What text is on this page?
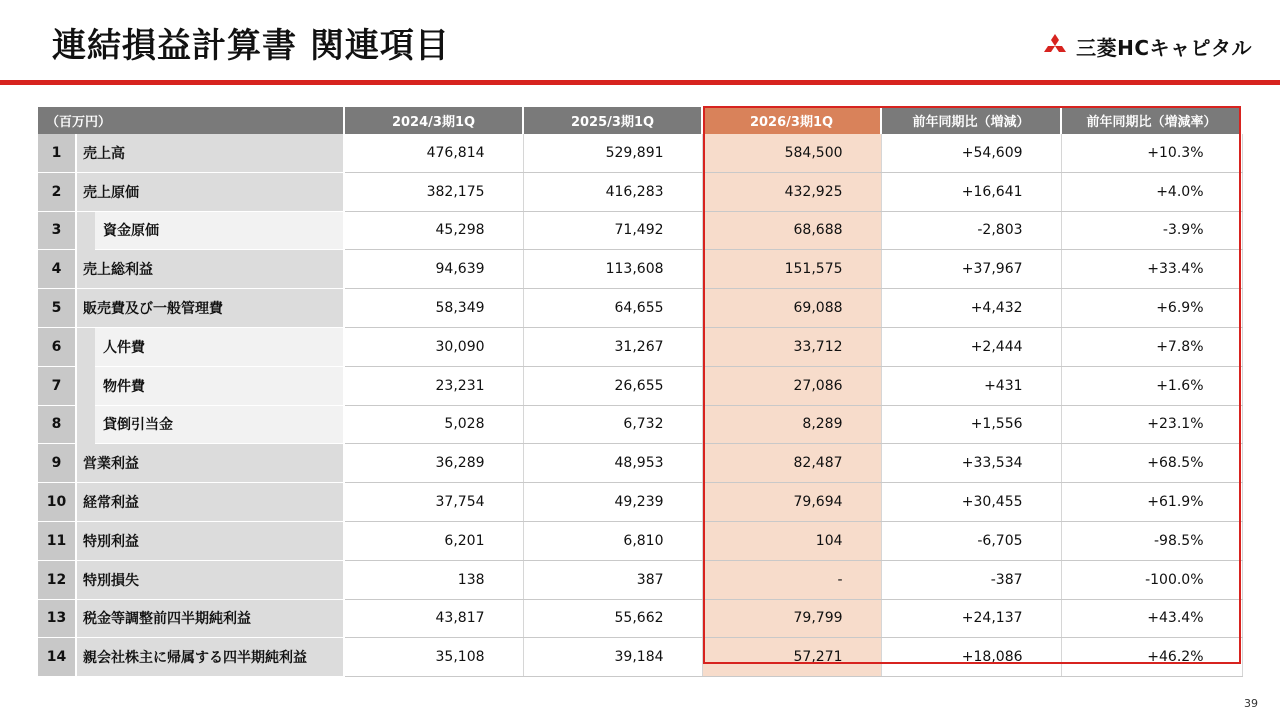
連結損益計算書 関連項目	三菱HCキャピタル
（百万円）		2024/3期1Q	2025/3期1Q	2026/3期1Q	前年同期比（増減）	前年同期比（増減率）
1	売上高	476,814	529,891	584,500	+54,609	+10.3%
2	売上原価	382,175	416,283	432,925	+16,641	+4.0%
3	資金原価	45,298	71,492	68,688	-2,803	-3.9%
4	売上総利益	94,639	113,608	151,575	+37,967	+33.4%
5	販売費及び一般管理費	58,349	64,655	69,088	+4,432	+6.9%
6	人件費	30,090	31,267	33,712	+2,444	+7.8%
7	物件費	23,231	26,655	27,086	+431	+1.6%
8	貸倒引当金	5,028	6,732	8,289	+1,556	+23.1%
9	営業利益	36,289	48,953	82,487	+33,534	+68.5%
10	経常利益	37,754	49,239	79,694	+30,455	+61.9%
11	特別利益	6,201	6,810	104	-6,705	-98.5%
12	特別損失	138	387	-	-387	-100.0%
13	税金等調整前四半期純利益	43,817	55,662	79,799	+24,137	+43.4%
14	親会社株主に帰属する四半期純利益	35,108	39,184	57,271	+18,086	+46.2%
39
